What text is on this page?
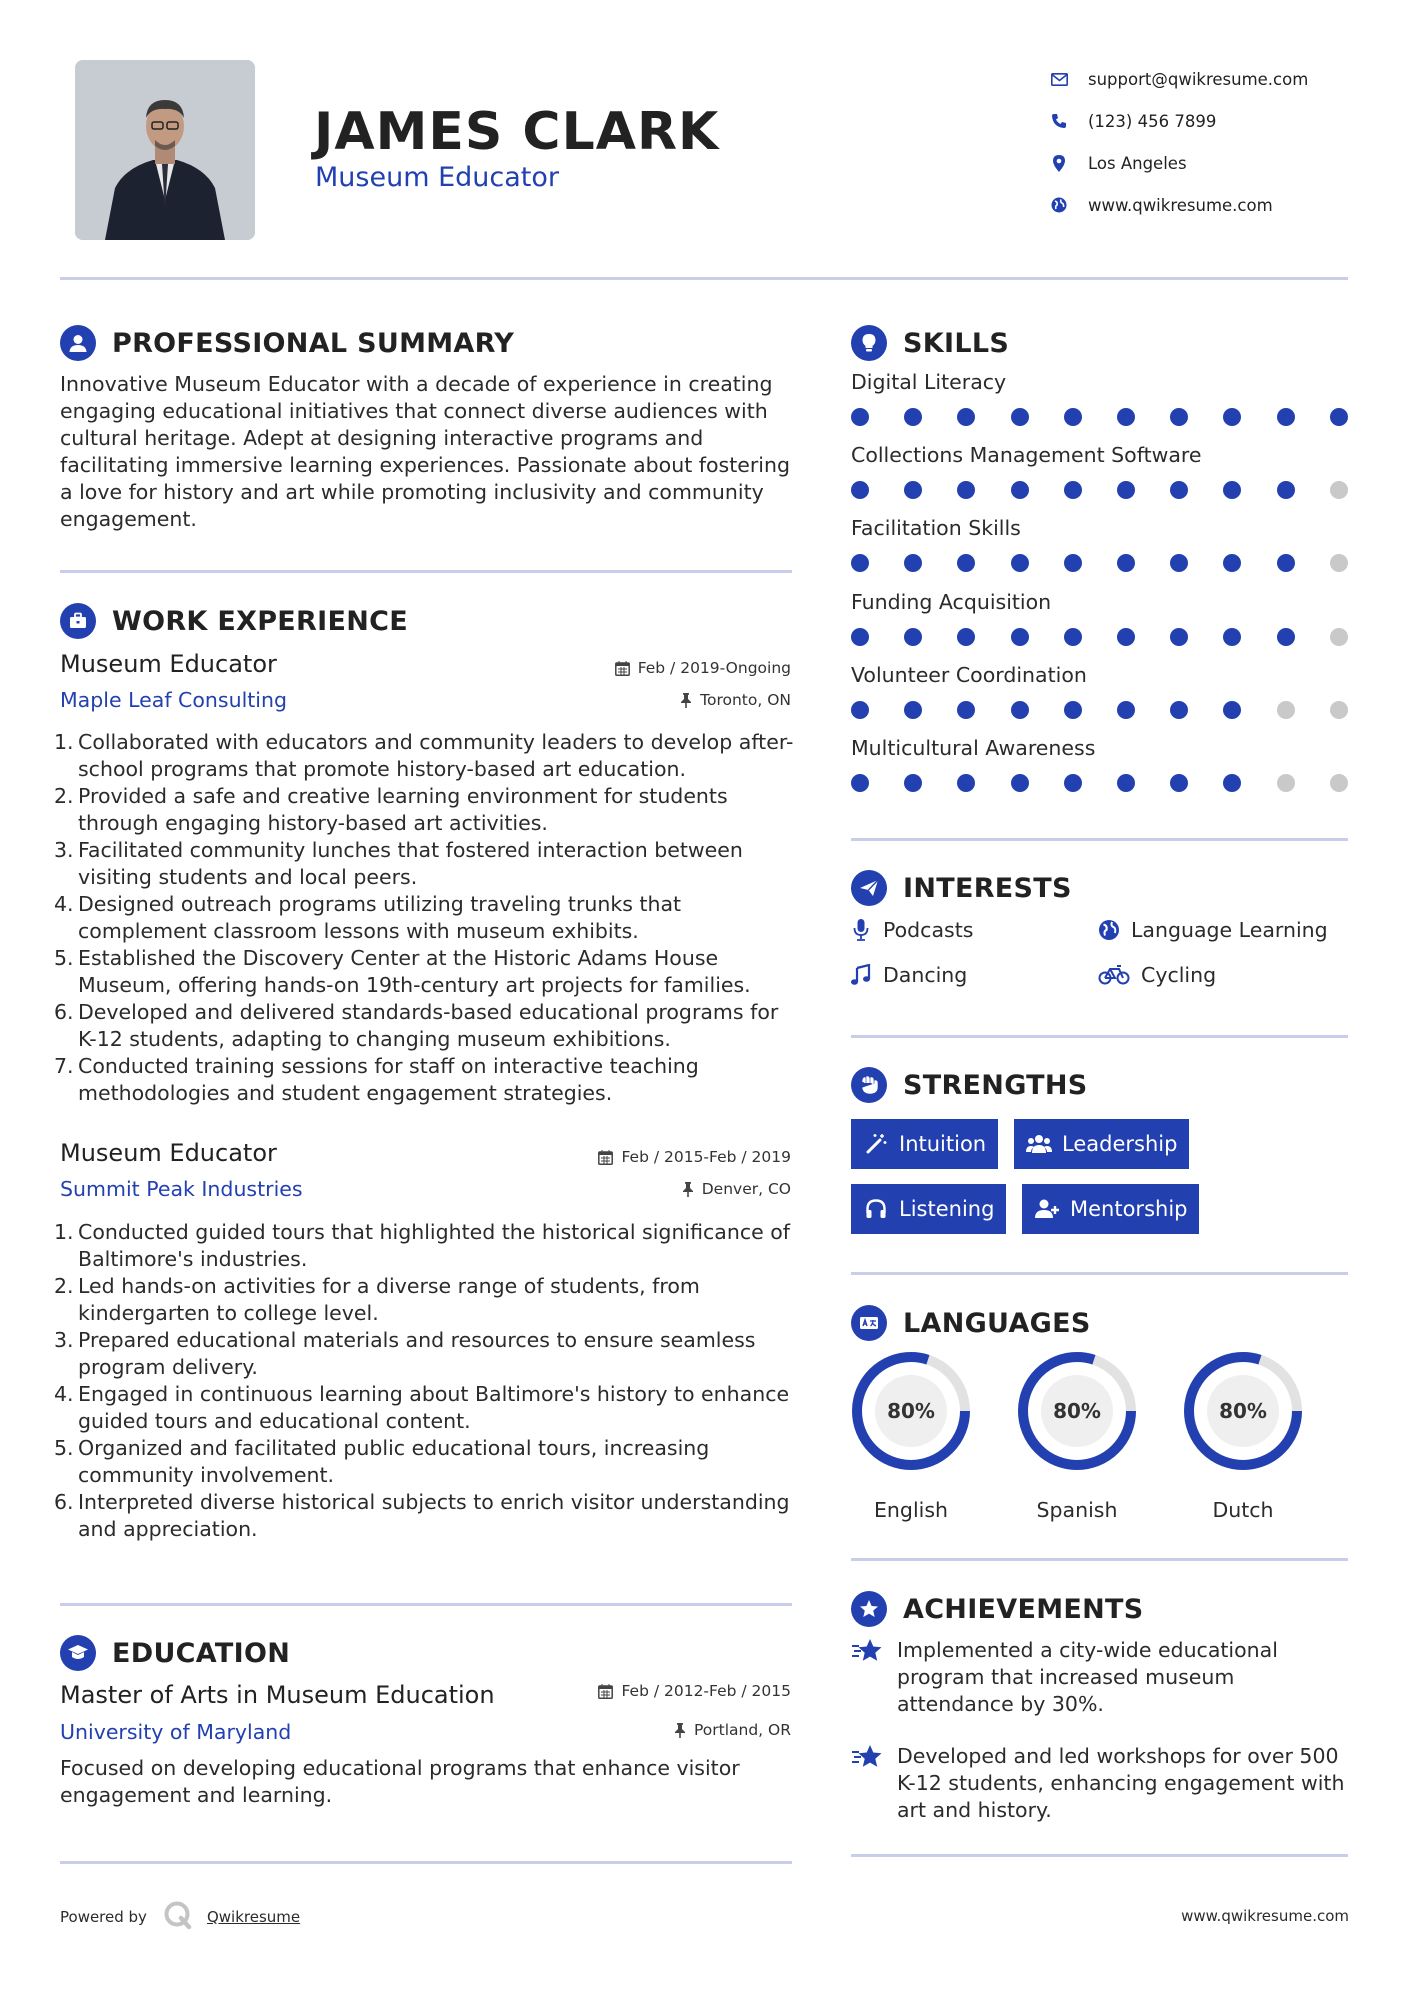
JAMES CLARK
Museum Educator
support@qwikresume.com
(123) 456 7899
Los Angeles
www.qwikresume.com
PROFESSIONAL SUMMARY
Innovative Museum Educator with a decade of experience in creating engaging educational initiatives that connect diverse audiences with cultural heritage. Adept at designing interactive programs and facilitating immersive learning experiences. Passionate about fostering a love for history and art while promoting inclusivity and community engagement.
WORK EXPERIENCE
Museum Educator	Feb / 2019-Ongoing
Maple Leaf Consulting	Toronto, ON
1. Collaborated with educators and community leaders to develop after-school programs that promote history-based art education.
2. Provided a safe and creative learning environment for students through engaging history-based art activities.
3. Facilitated community lunches that fostered interaction between visiting students and local peers.
4. Designed outreach programs utilizing traveling trunks that complement classroom lessons with museum exhibits.
5. Established the Discovery Center at the Historic Adams House Museum, offering hands-on 19th-century art projects for families.
6. Developed and delivered standards-based educational programs for K-12 students, adapting to changing museum exhibitions.
7. Conducted training sessions for staff on interactive teaching methodologies and student engagement strategies.
Museum Educator	Feb / 2015-Feb / 2019
Summit Peak Industries	Denver, CO
1. Conducted guided tours that highlighted the historical significance of Baltimore's industries.
2. Led hands-on activities for a diverse range of students, from kindergarten to college level.
3. Prepared educational materials and resources to ensure seamless program delivery.
4. Engaged in continuous learning about Baltimore's history to enhance guided tours and educational content.
5. Organized and facilitated public educational tours, increasing community involvement.
6. Interpreted diverse historical subjects to enrich visitor understanding and appreciation.
EDUCATION
Master of Arts in Museum Education	Feb / 2012-Feb / 2015
University of Maryland	Portland, OR
Focused on developing educational programs that enhance visitor engagement and learning.
SKILLS
Digital Literacy
Collections Management Software
Facilitation Skills
Funding Acquisition
Volunteer Coordination
Multicultural Awareness
INTERESTS
Podcasts	Language Learning
Dancing	Cycling
STRENGTHS
Intuition	Leadership
Listening	Mentorship
LANGUAGES
80%
English
80%
Spanish
80%
Dutch
ACHIEVEMENTS
Implemented a city-wide educational program that increased museum attendance by 30%.
Developed and led workshops for over 500 K-12 students, enhancing engagement with art and history.
Powered by	Qwikresume	www.qwikresume.com
